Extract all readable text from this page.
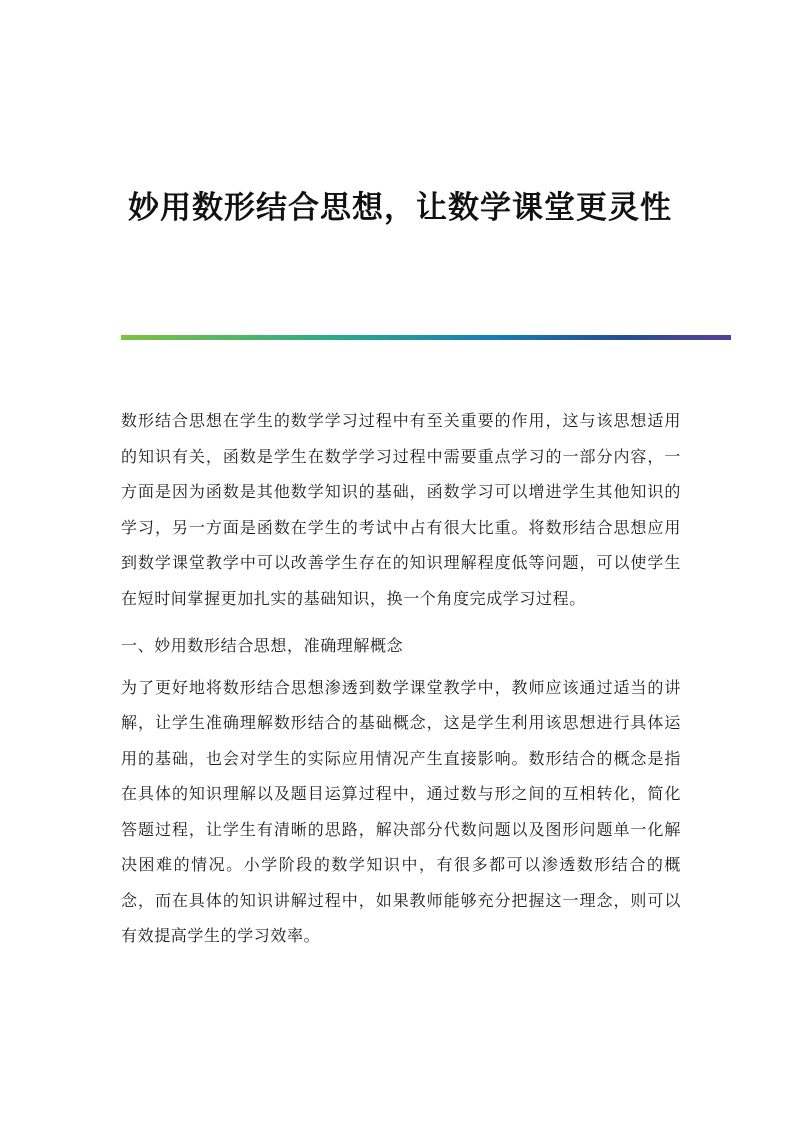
妙用数形结合思想，让数学课堂更灵性

数形结合思想在学生的数学学习过程中有至关重要的作用，这与该思想适用的知识有关，函数是学生在数学学习过程中需要重点学习的一部分内容，一方面是因为函数是其他数学知识的基础，函数学习可以增进学生其他知识的学习，另一方面是函数在学生的考试中占有很大比重。将数形结合思想应用到数学课堂教学中可以改善学生存在的知识理解程度低等问题，可以使学生在短时间掌握更加扎实的基础知识，换一个角度完成学习过程。

一、妙用数形结合思想，准确理解概念

为了更好地将数形结合思想渗透到数学课堂教学中，教师应该通过适当的讲解，让学生准确理解数形结合的基础概念，这是学生利用该思想进行具体运用的基础，也会对学生的实际应用情况产生直接影响。数形结合的概念是指在具体的知识理解以及题目运算过程中，通过数与形之间的互相转化，简化答题过程，让学生有清晰的思路，解决部分代数问题以及图形问题单一化解决困难的情况。小学阶段的数学知识中，有很多都可以渗透数形结合的概念，而在具体的知识讲解过程中，如果教师能够充分把握这一理念，则可以有效提高学生的学习效率。
